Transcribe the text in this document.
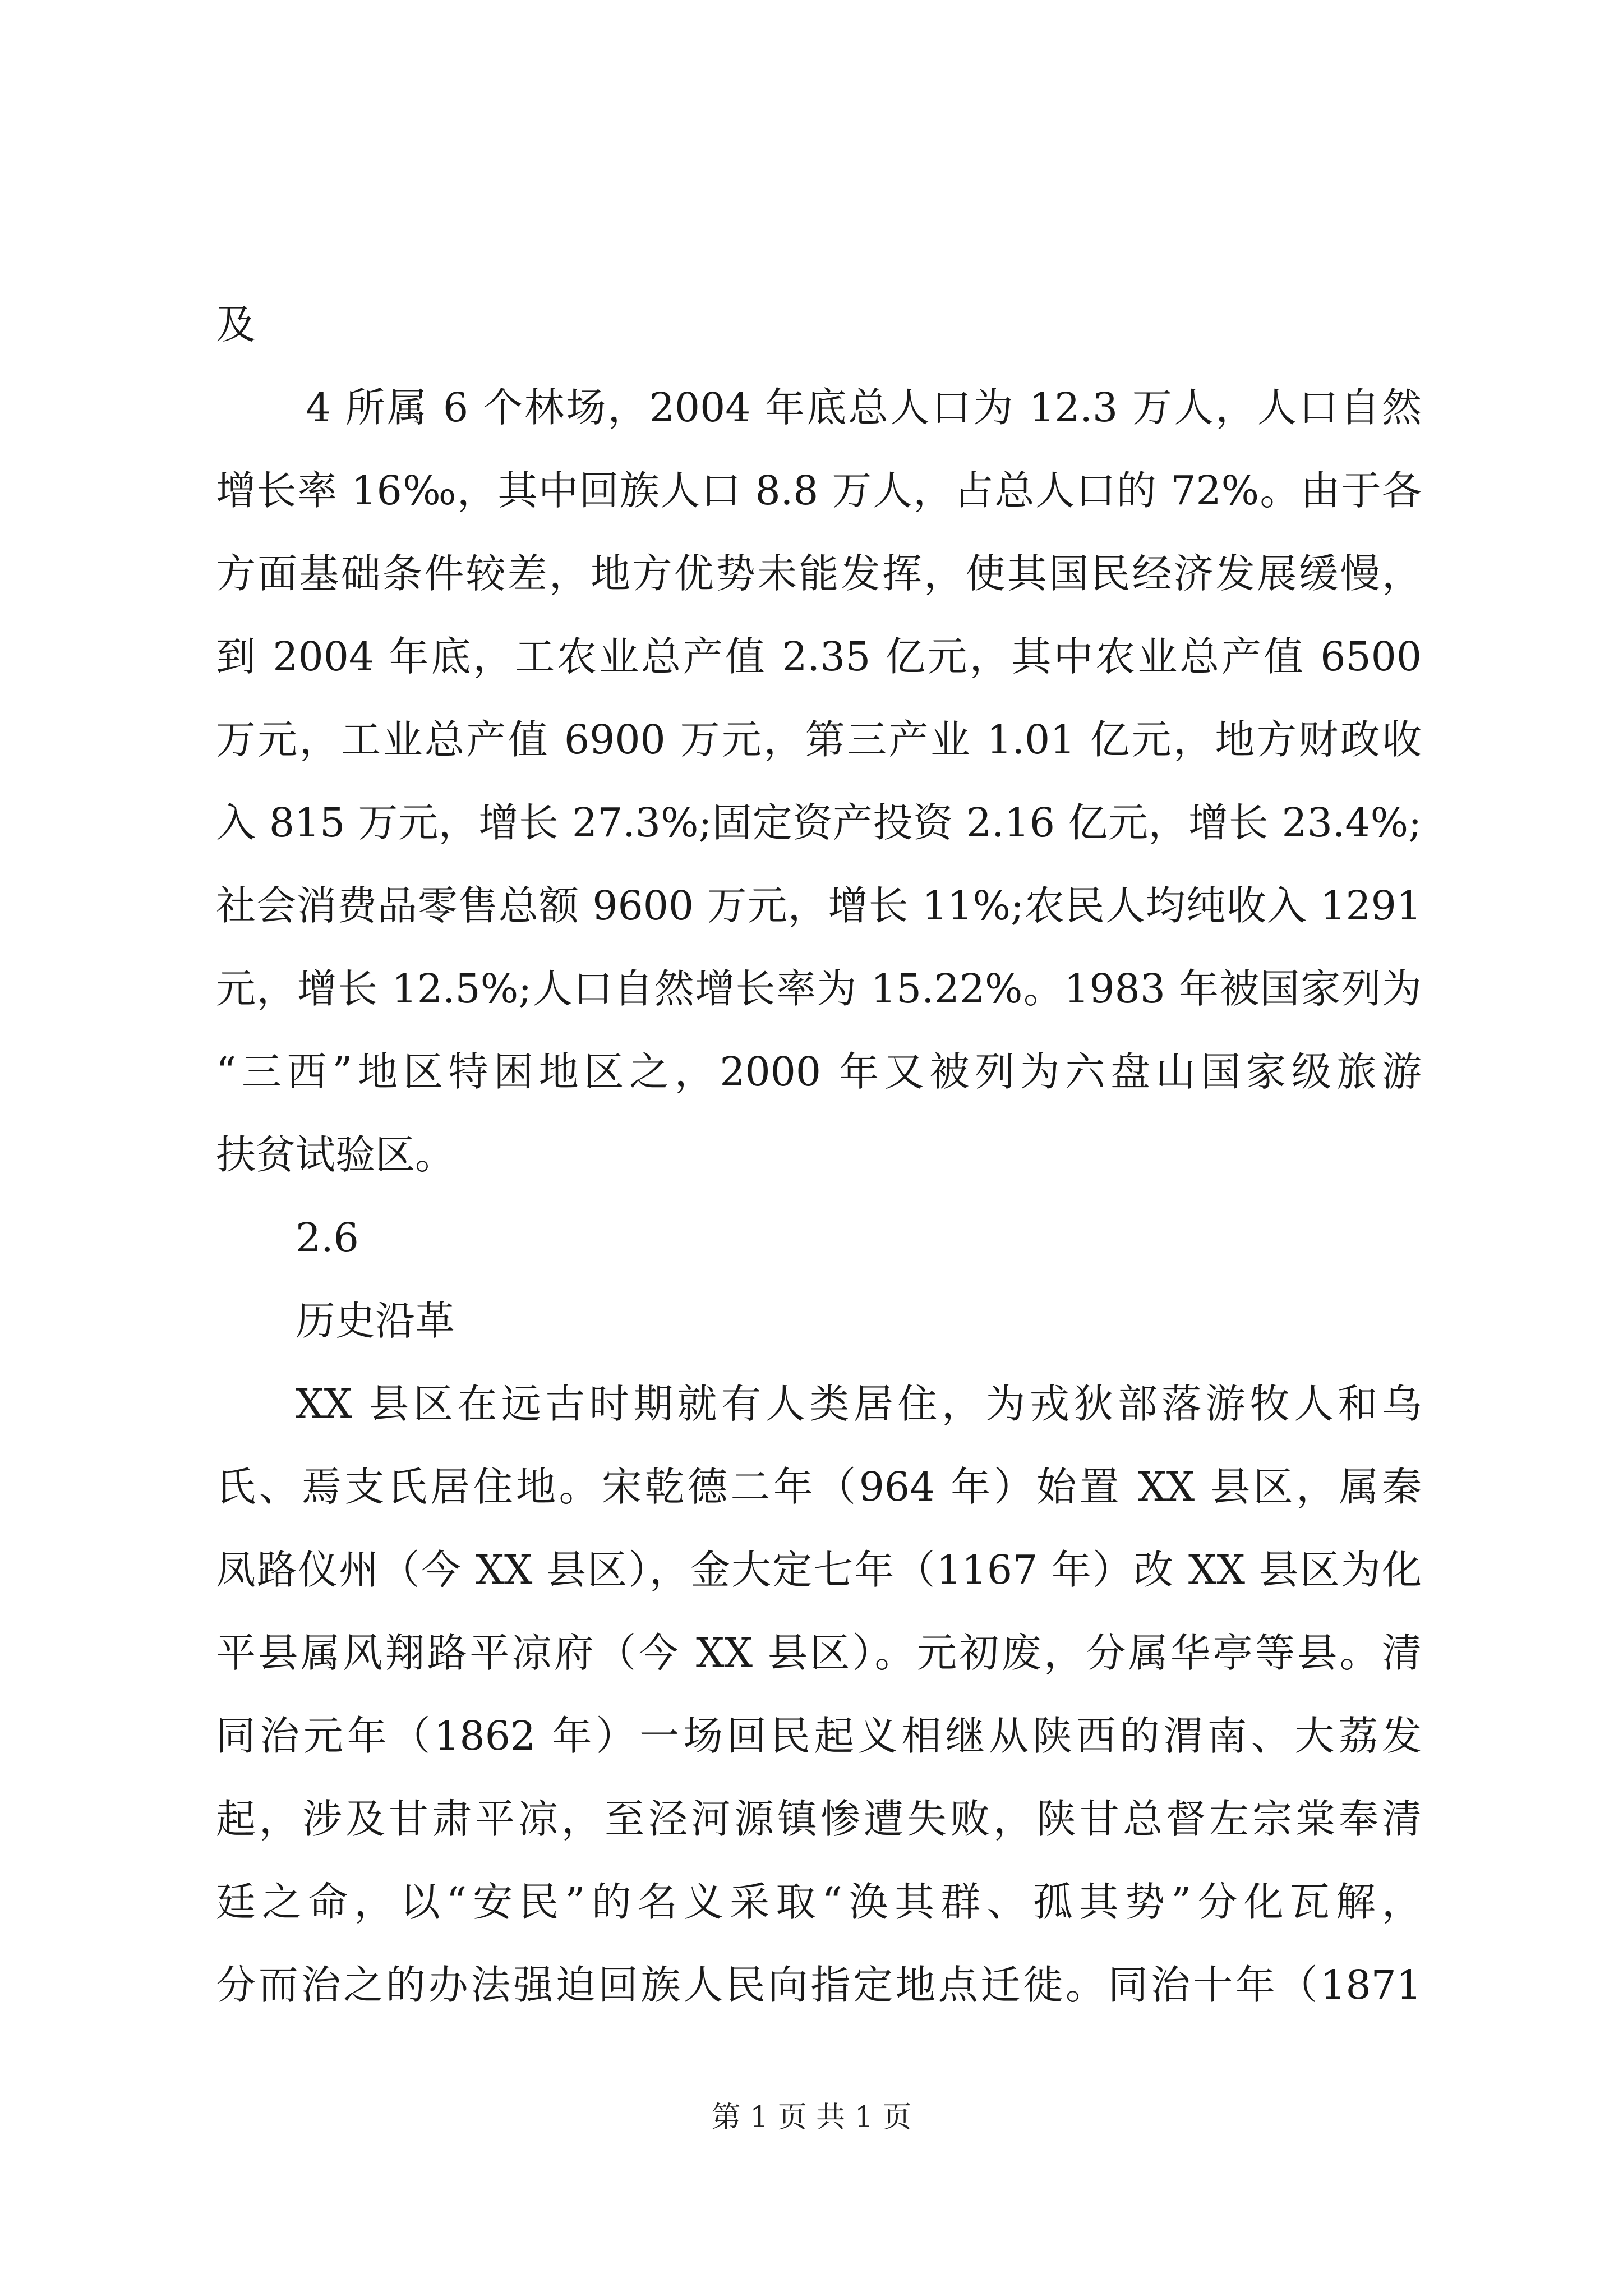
及
4 所属 6 个林场，2004 年底总人口为 12.3 万人，人口自然
增长率 16‰，其中回族人口 8.8 万人，占总人口的 72%。由于各
方面基础条件较差，地方优势未能发挥，使其国民经济发展缓慢，
到 2004 年底，工农业总产值 2.35 亿元，其中农业总产值 6500
万元，工业总产值 6900 万元，第三产业 1.01 亿元，地方财政收
入 815 万元，增长 27.3%;固定资产投资 2.16 亿元，增长 23.4%;
社会消费品零售总额 9600 万元，增长 11%;农民人均纯收入 1291
元，增长 12.5%;人口自然增长率为 15.22%。1983 年被国家列为
“三西”地区特困地区之，2000 年又被列为六盘山国家级旅游
扶贫试验区。
2.6
历史沿革
XX 县区在远古时期就有人类居住，为戎狄部落游牧人和乌
氏、焉支氏居住地。宋乾德二年（964 年）始置 XX 县区，属秦
凤路仪州（今 XX 县区），金大定七年（1167 年）改 XX 县区为化
平县属风翔路平凉府（今 XX 县区）。元初废，分属华亭等县。清
同治元年（1862 年）一场回民起义相继从陕西的渭南、大荔发
起，涉及甘肃平凉，至泾河源镇惨遭失败，陕甘总督左宗棠奉清
廷之命，以“安民”的名义采取“涣其群、孤其势”分化瓦解，
分而治之的办法强迫回族人民向指定地点迁徙。同治十年（1871
第 1 页 共 1 页
